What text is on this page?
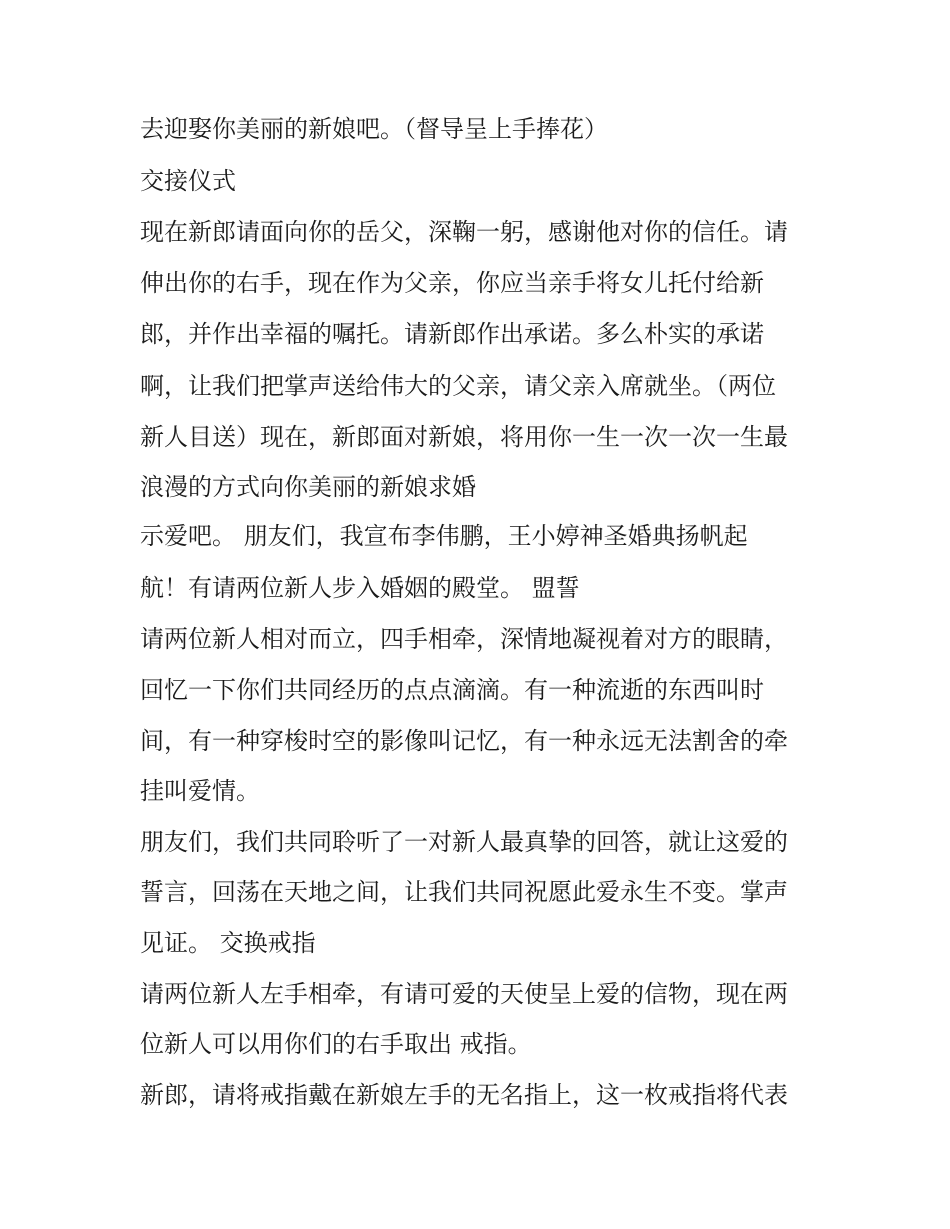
去迎娶你美丽的新娘吧。（督导呈上手捧花）
交接仪式
现在新郎请面向你的岳父，深鞠一躬，感谢他对你的信任。请
伸出你的右手，现在作为父亲，你应当亲手将女儿托付给新
郎，并作出幸福的嘱托。请新郎作出承诺。多么朴实的承诺
啊，让我们把掌声送给伟大的父亲，请父亲入席就坐。（两位
新人目送）现在，新郎面对新娘，将用你一生一次一次一生最
浪漫的方式向你美丽的新娘求婚
示爱吧。 朋友们，我宣布李伟鹏，王小婷神圣婚典扬帆起
航！有请两位新人步入婚姻的殿堂。 盟誓
请两位新人相对而立，四手相牵，深情地凝视着对方的眼睛，
回忆一下你们共同经历的点点滴滴。有一种流逝的东西叫时
间，有一种穿梭时空的影像叫记忆，有一种永远无法割舍的牵
挂叫爱情。
朋友们，我们共同聆听了一对新人最真挚的回答，就让这爱的
誓言，回荡在天地之间，让我们共同祝愿此爱永生不变。掌声
见证。 交换戒指
请两位新人左手相牵，有请可爱的天使呈上爱的信物，现在两
位新人可以用你们的右手取出 戒指。
新郎，请将戒指戴在新娘左手的无名指上，这一枚戒指将代表
